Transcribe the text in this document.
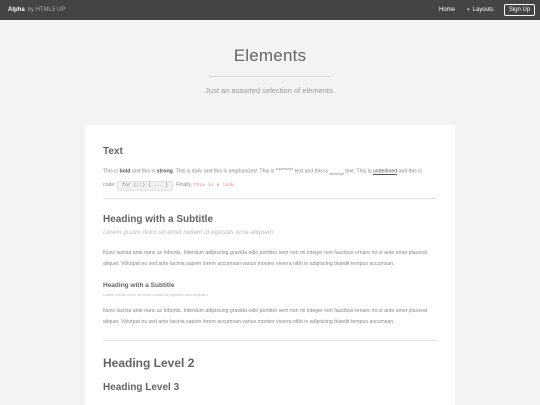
Alpha by HTML5 UP	Home ▾ Layouts	Sign Up
Elements

Just an assorted selection of elements.

Text
This is bold and this is strong. This is italic and this is emphasized. This is $^{superscript}$ text and this is $_{subscript}$ text. This is underlined and this is
code: for (;;) { ... } . Finally, this is a link.
Heading with a Subtitle

Lorem ipsum dolor sit amet nullam id egestas urna aliquam

Nunc lacinia ante nunc ac lobortis. Interdum adipiscing gravida odio porttitor sem non mi integer non faucibus ornare mi ut ante amet placerat aliquet. Volutpat eu sed ante lacinia sapien lorem accumsan varius montes viverra nibh in adipiscing blandit tempus accumsan.

Heading with a Subtitle

Lorem ipsum dolor sit amet nullam id egestas urna aliquam

Nunc lacinia ante nunc ac lobortis. Interdum adipiscing gravida odio porttitor sem non mi integer non faucibus ornare mi ut ante amet placerat aliquet. Volutpat eu sed ante lacinia sapien lorem accumsan varius montes viverra nibh in adipiscing blandit tempus accumsan.

Heading Level 2
Heading Level 3
